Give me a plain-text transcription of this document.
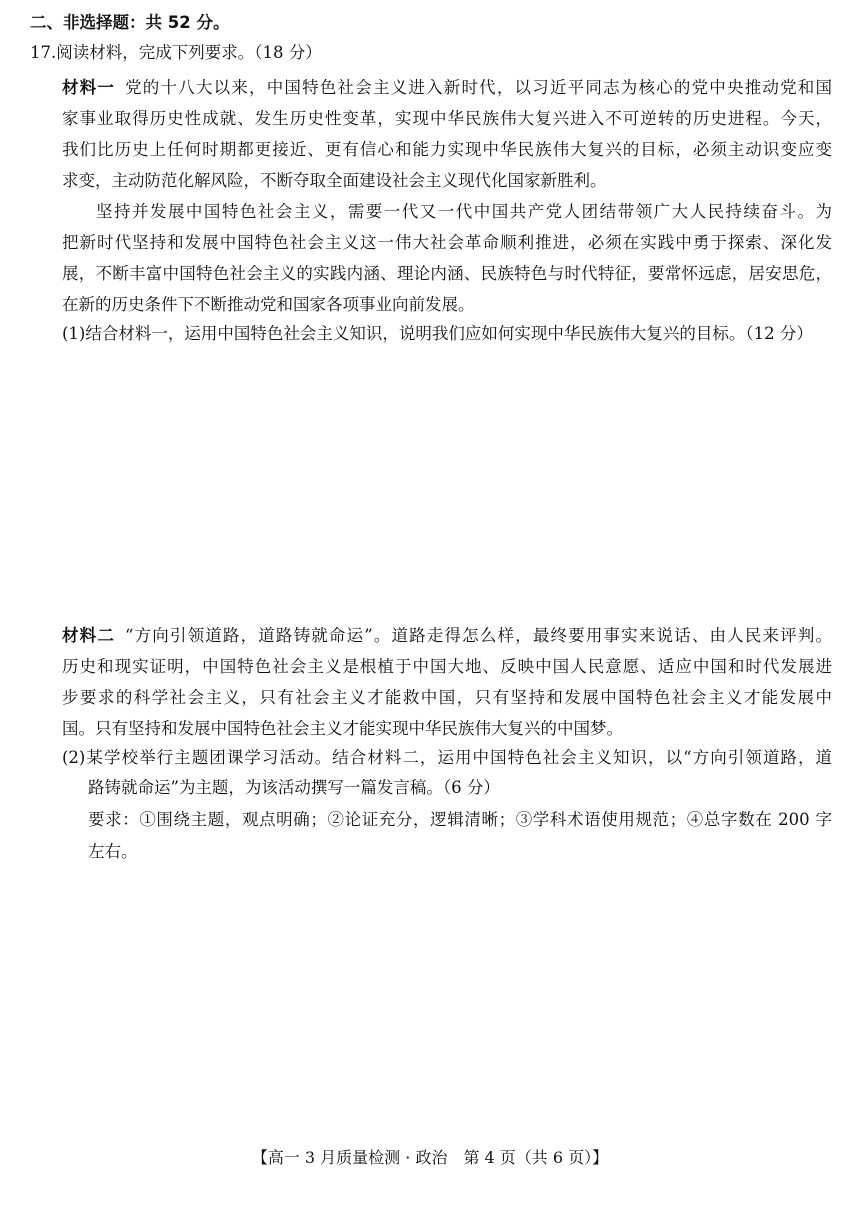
二、非选择题：共 52 分。
17.阅读材料，完成下列要求。（18 分）
材料一 党的十八大以来，中国特色社会主义进入新时代，以习近平同志为核心的党中央推动党和国
家事业取得历史性成就、发生历史性变革，实现中华民族伟大复兴进入不可逆转的历史进程。今天，
我们比历史上任何时期都更接近、更有信心和能力实现中华民族伟大复兴的目标，必须主动识变应变
求变，主动防范化解风险，不断夺取全面建设社会主义现代化国家新胜利。
坚持并发展中国特色社会主义，需要一代又一代中国共产党人团结带领广大人民持续奋斗。为
把新时代坚持和发展中国特色社会主义这一伟大社会革命顺利推进，必须在实践中勇于探索、深化发
展，不断丰富中国特色社会主义的实践内涵、理论内涵、民族特色与时代特征，要常怀远虑，居安思危，
在新的历史条件下不断推动党和国家各项事业向前发展。
(1)结合材料一，运用中国特色社会主义知识，说明我们应如何实现中华民族伟大复兴的目标。（12 分）
材料二 “方向引领道路，道路铸就命运”。道路走得怎么样，最终要用事实来说话、由人民来评判。
历史和现实证明，中国特色社会主义是根植于中国大地、反映中国人民意愿、适应中国和时代发展进
步要求的科学社会主义，只有社会主义才能救中国，只有坚持和发展中国特色社会主义才能发展中
国。只有坚持和发展中国特色社会主义才能实现中华民族伟大复兴的中国梦。
(2)某学校举行主题团课学习活动。结合材料二，运用中国特色社会主义知识，以“方向引领道路，道
路铸就命运”为主题，为该活动撰写一篇发言稿。（6 分）
要求：①围绕主题，观点明确；②论证充分，逻辑清晰；③学科术语使用规范；④总字数在 200 字
左右。
【高一 3 月质量检测 · 政治　第 4 页（共 6 页）】
